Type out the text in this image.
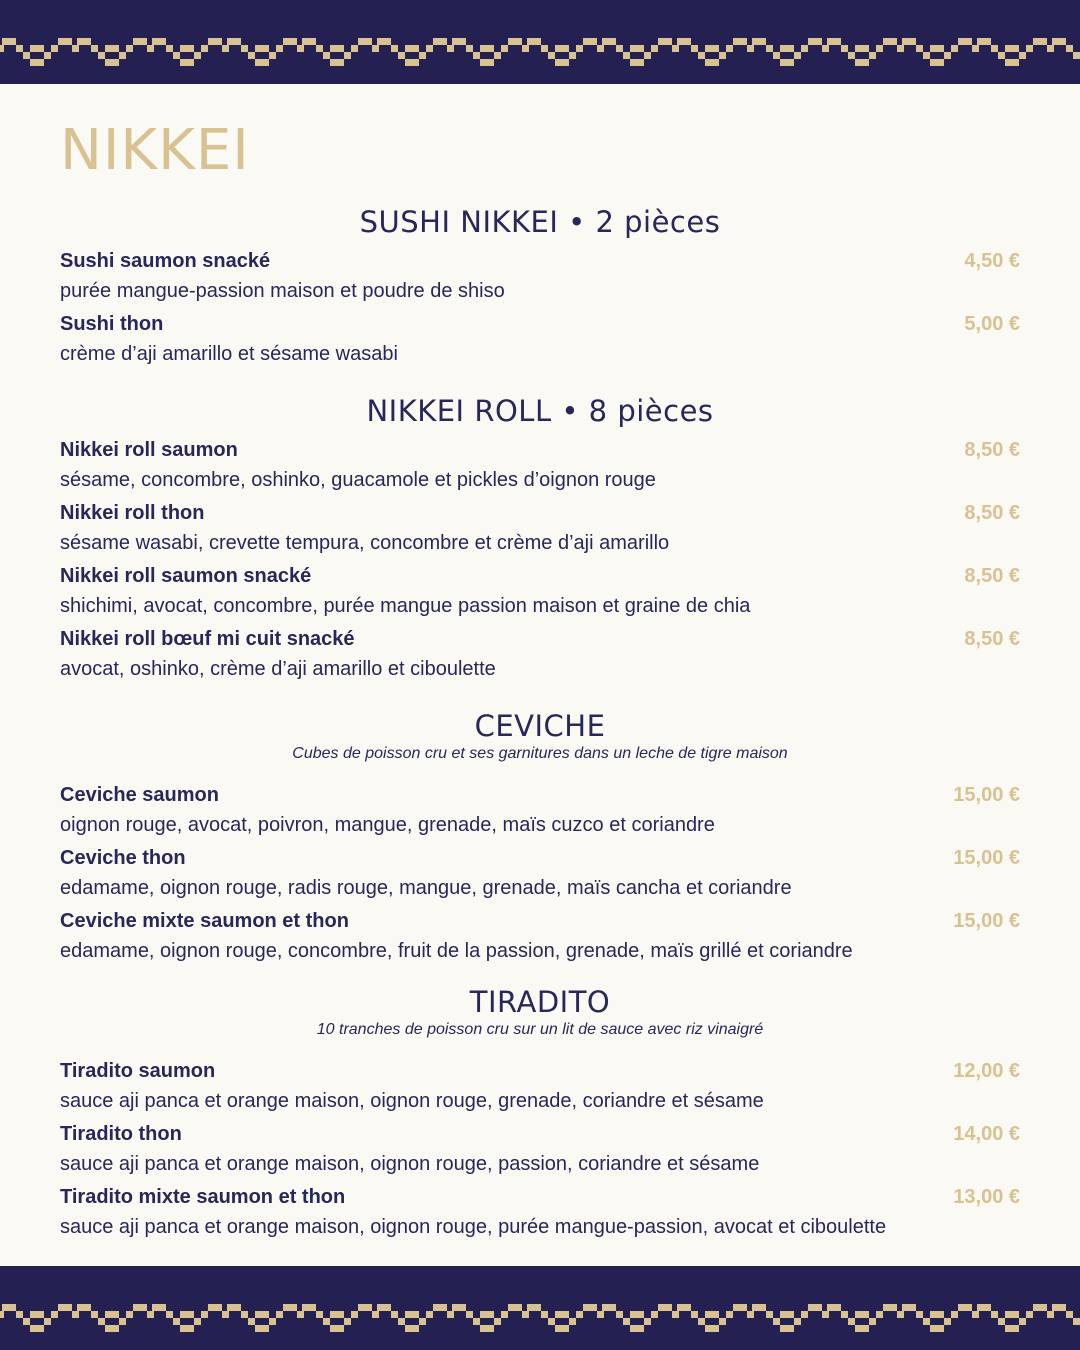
NIKKEI
SUSHI NIKKEI • 2 pièces
Sushi saumon snacké	4,50 €
purée mangue-passion maison et poudre de shiso
Sushi thon	5,00 €
crème d’aji amarillo et sésame wasabi
NIKKEI ROLL • 8 pièces
Nikkei roll saumon	8,50 €
sésame, concombre, oshinko, guacamole et pickles d’oignon rouge
Nikkei roll thon	8,50 €
sésame wasabi, crevette tempura, concombre et crème d’aji amarillo
Nikkei roll saumon snacké	8,50 €
shichimi, avocat, concombre, purée mangue passion maison et graine de chia
Nikkei roll bœuf mi cuit snacké	8,50 €
avocat, oshinko, crème d’aji amarillo et ciboulette
CEVICHE
Cubes de poisson cru et ses garnitures dans un leche de tigre maison
Ceviche saumon	15,00 €
oignon rouge, avocat, poivron, mangue, grenade, maïs cuzco et coriandre
Ceviche thon	15,00 €
edamame, oignon rouge, radis rouge, mangue, grenade, maïs cancha et coriandre
Ceviche mixte saumon et thon	15,00 €
edamame, oignon rouge, concombre, fruit de la passion, grenade, maïs grillé et coriandre
TIRADITO
10 tranches de poisson cru sur un lit de sauce avec riz vinaigré
Tiradito saumon	12,00 €
sauce aji panca et orange maison, oignon rouge, grenade, coriandre et sésame
Tiradito thon	14,00 €
sauce aji panca et orange maison, oignon rouge, passion, coriandre et sésame
Tiradito mixte saumon et thon	13,00 €
sauce aji panca et orange maison, oignon rouge, purée mangue-passion, avocat et ciboulette
